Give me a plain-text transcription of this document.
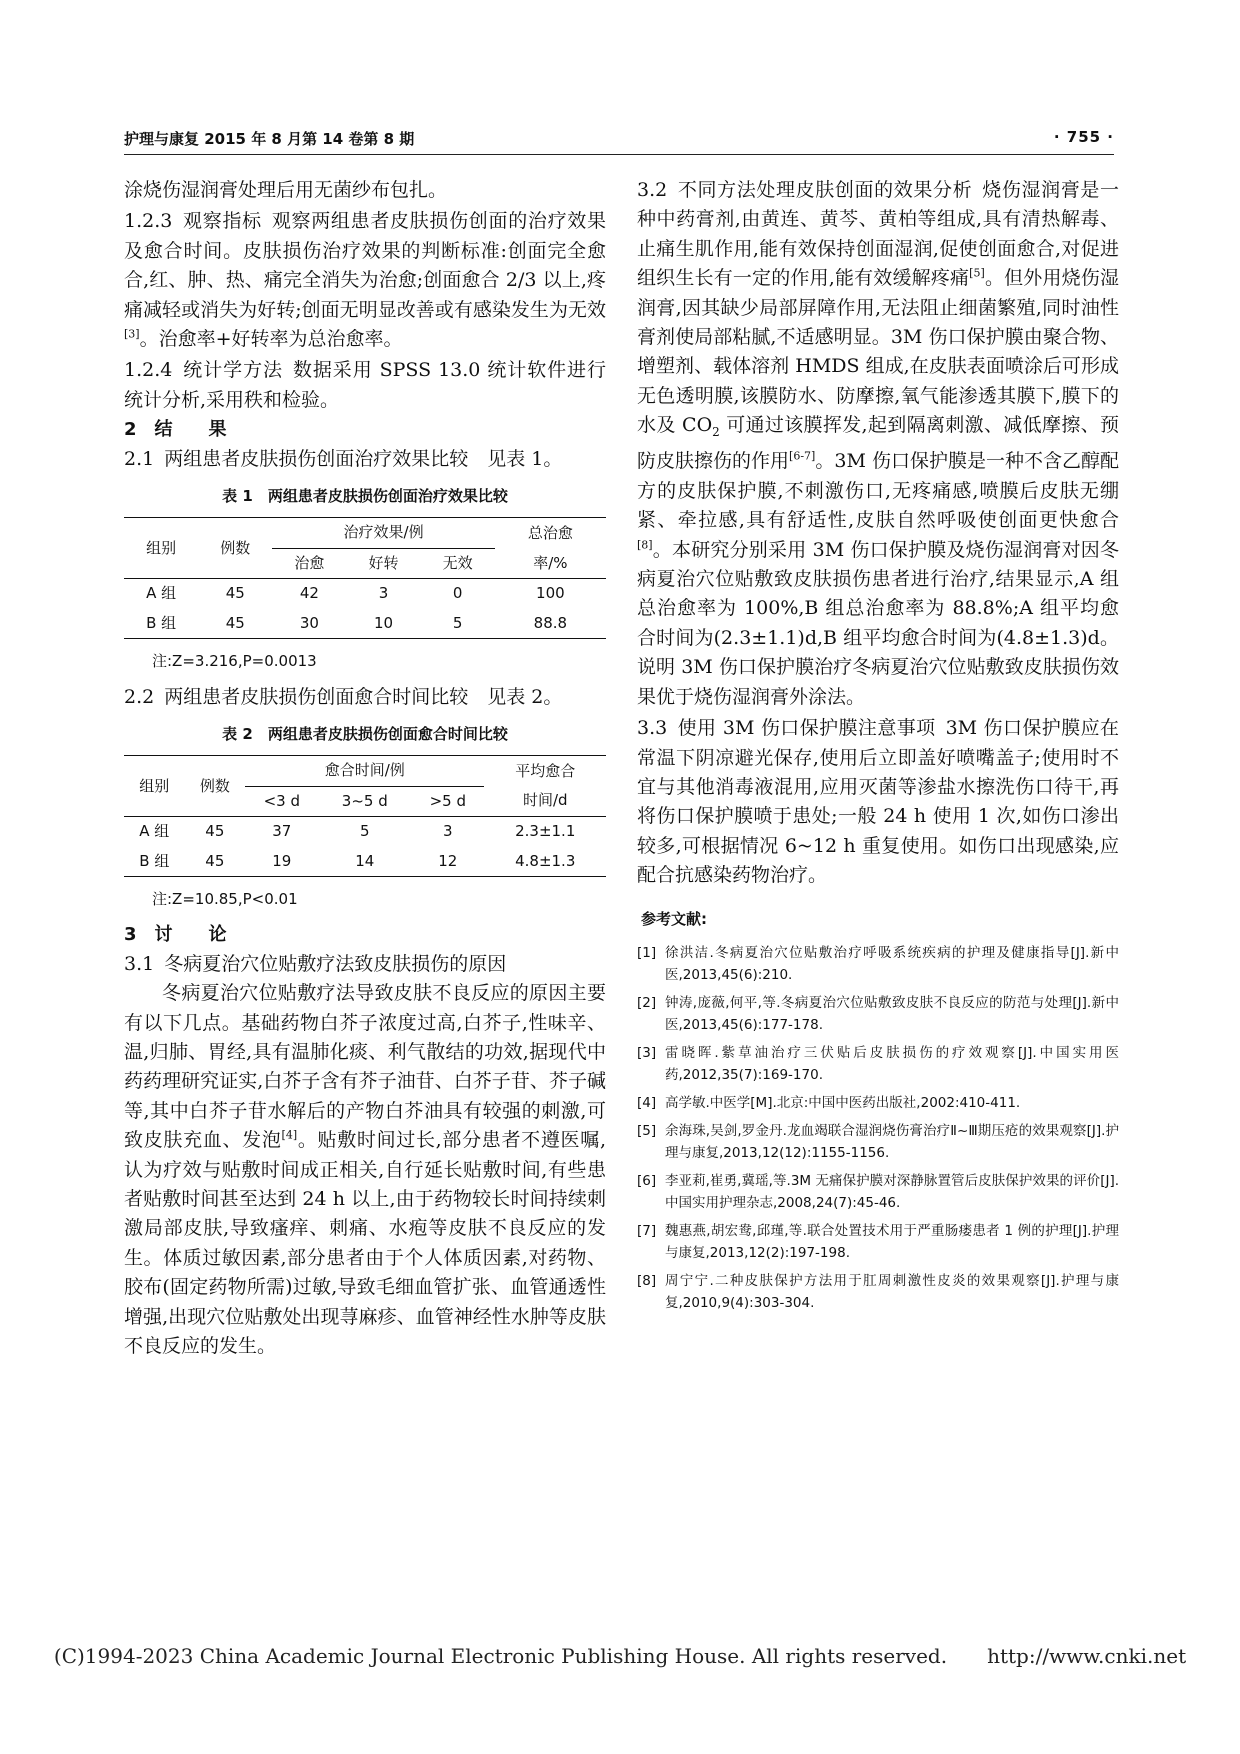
护理与康复 2015 年 8 月第 14 卷第 8 期	· 755 ·

涂烧伤湿润膏处理后用无菌纱布包扎。

1.2.3 观察指标 观察两组患者皮肤损伤创面的治疗效果及愈合时间。皮肤损伤治疗效果的判断标准:创面完全愈合,红、肿、热、痛完全消失为治愈;创面愈合 2/3 以上,疼痛减轻或消失为好转;创面无明显改善或有感染发生为无效[3]。治愈率+好转率为总治愈率。

1.2.4 统计学方法 数据采用 SPSS 13.0 统计软件进行统计分析,采用秩和检验。

2　结　　果

2.1 两组患者皮肤损伤创面治疗效果比较　见表 1。

表 1　两组患者皮肤损伤创面治疗效果比较
组别	例数	治疗效果/例			总治愈
		治愈	好转	无效	率/%
A 组	45	42	3	0	100
B 组	45	30	10	5	88.8
注:Z=3.216,P=0.0013

2.2 两组患者皮肤损伤创面愈合时间比较　见表 2。

表 2　两组患者皮肤损伤创面愈合时间比较
组别	例数	愈合时间/例			平均愈合
		<3 d	3~5 d	>5 d	时间/d
A 组	45	37	5	3	2.3±1.1
B 组	45	19	14	12	4.8±1.3
注:Z=10.85,P<0.01

3　讨　　论

3.1 冬病夏治穴位贴敷疗法致皮肤损伤的原因

冬病夏治穴位贴敷疗法导致皮肤不良反应的原因主要有以下几点。基础药物白芥子浓度过高,白芥子,性味辛、温,归肺、胃经,具有温肺化痰、利气散结的功效,据现代中药药理研究证实,白芥子含有芥子油苷、白芥子苷、芥子碱等,其中白芥子苷水解后的产物白芥油具有较强的刺激,可致皮肤充血、发泡[4]。贴敷时间过长,部分患者不遵医嘱,认为疗效与贴敷时间成正相关,自行延长贴敷时间,有些患者贴敷时间甚至达到 24 h 以上,由于药物较长时间持续刺激局部皮肤,导致瘙痒、刺痛、水疱等皮肤不良反应的发生。体质过敏因素,部分患者由于个人体质因素,对药物、胶布(固定药物所需)过敏,导致毛细血管扩张、血管通透性增强,出现穴位贴敷处出现荨麻疹、血管神经性水肿等皮肤不良反应的发生。

3.2 不同方法处理皮肤创面的效果分析 烧伤湿润膏是一种中药膏剂,由黄连、黄芩、黄柏等组成,具有清热解毒、止痛生肌作用,能有效保持创面湿润,促使创面愈合,对促进组织生长有一定的作用,能有效缓解疼痛[5]。但外用烧伤湿润膏,因其缺少局部屏障作用,无法阻止细菌繁殖,同时油性膏剂使局部粘腻,不适感明显。3M 伤口保护膜由聚合物、增塑剂、载体溶剂 HMDS 组成,在皮肤表面喷涂后可形成无色透明膜,该膜防水、防摩擦,氧气能渗透其膜下,膜下的水及 $CO_2$ 可通过该膜挥发,起到隔离刺激、减低摩擦、预防皮肤擦伤的作用[6-7]。3M 伤口保护膜是一种不含乙醇配方的皮肤保护膜,不刺激伤口,无疼痛感,喷膜后皮肤无绷紧、牵拉感,具有舒适性,皮肤自然呼吸使创面更快愈合[8]。本研究分别采用 3M 伤口保护膜及烧伤湿润膏对因冬病夏治穴位贴敷致皮肤损伤患者进行治疗,结果显示,A 组总治愈率为 100%,B 组总治愈率为 88.8%;A 组平均愈合时间为(2.3±1.1)d,B 组平均愈合时间为(4.8±1.3)d。说明 3M 伤口保护膜治疗冬病夏治穴位贴敷致皮肤损伤效果优于烧伤湿润膏外涂法。

3.3 使用 3M 伤口保护膜注意事项 3M 伤口保护膜应在常温下阴凉避光保存,使用后立即盖好喷嘴盖子;使用时不宜与其他消毒液混用,应用灭菌等渗盐水擦洗伤口待干,再将伤口保护膜喷于患处;一般 24 h 使用 1 次,如伤口渗出较多,可根据情况 6~12 h 重复使用。如伤口出现感染,应配合抗感染药物治疗。

参考文献:
[1] 徐洪洁.冬病夏治穴位贴敷治疗呼吸系统疾病的护理及健康指导[J].新中医,2013,45(6):210.
[2] 钟涛,庞薇,何平,等.冬病夏治穴位贴敷致皮肤不良反应的防范与处理[J].新中医,2013,45(6):177-178.
[3] 雷晓晖.紫草油治疗三伏贴后皮肤损伤的疗效观察[J].中国实用医药,2012,35(7):169-170.
[4] 高学敏.中医学[M].北京:中国中医药出版社,2002:410-411.
[5] 余海珠,吴剑,罗金丹.龙血竭联合湿润烧伤膏治疗Ⅱ~Ⅲ期压疮的效果观察[J].护理与康复,2013,12(12):1155-1156.
[6] 李亚莉,崔勇,冀瑶,等.3M 无痛保护膜对深静脉置管后皮肤保护效果的评价[J].中国实用护理杂志,2008,24(7):45-46.
[7] 魏惠燕,胡宏鸯,邱瑾,等.联合处置技术用于严重肠瘘患者 1 例的护理[J].护理与康复,2013,12(2):197-198.
[8] 周宁宁.二种皮肤保护方法用于肛周刺激性皮炎的效果观察[J].护理与康复,2010,9(4):303-304.
(C)1994-2023 China Academic Journal Electronic Publishing House. All rights reserved.　　http://www.cnki.net
